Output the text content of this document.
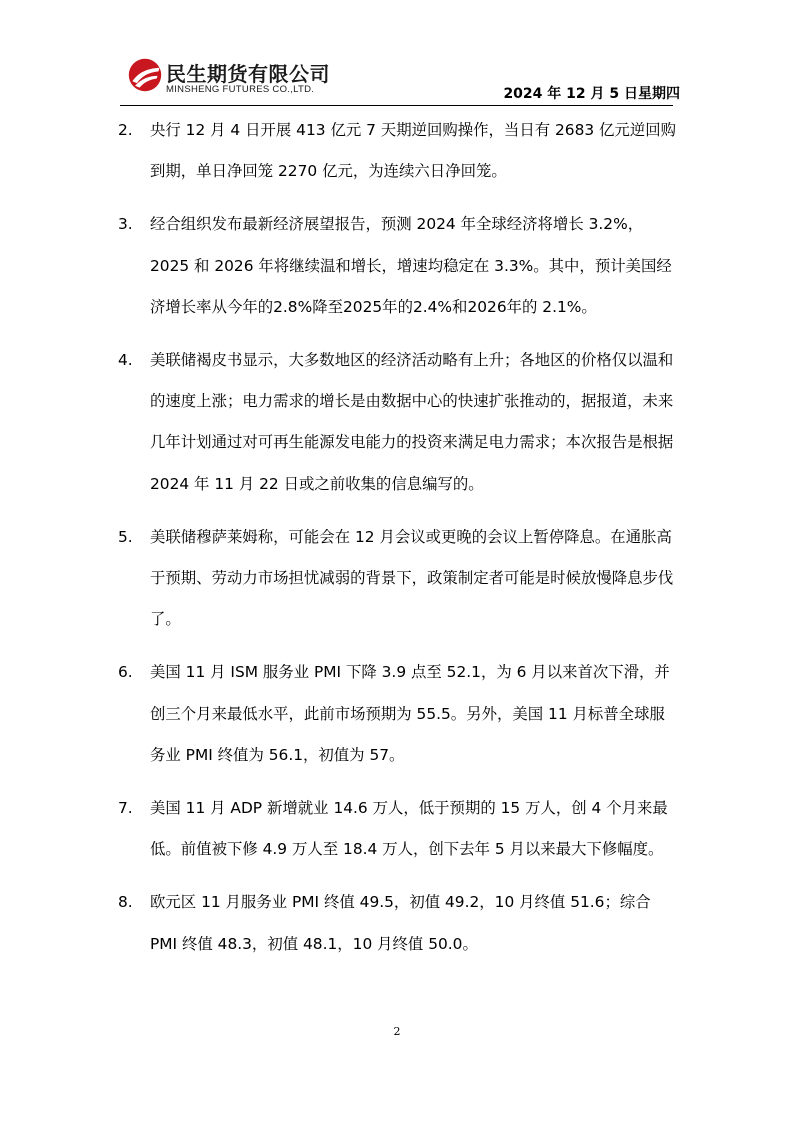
民生期货有限公司
MINSHENG FUTURES CO.,LTD.	2024 年 12 月 5 日星期四
2. 央行 12 月 4 日开展 413 亿元 7 天期逆回购操作，当日有 2683 亿元逆回购到期，单日净回笼 2270 亿元，为连续六日净回笼。
3. 经合组织发布最新经济展望报告，预测 2024 年全球经济将增长 3.2%，2025 和 2026 年将继续温和增长，增速均稳定在 3.3%。其中，预计美国经济增长率从今年的2.8%降至2025年的2.4%和2026年的 2.1%。
4. 美联储褐皮书显示，大多数地区的经济活动略有上升；各地区的价格仅以温和的速度上涨；电力需求的增长是由数据中心的快速扩张推动的，据报道，未来几年计划通过对可再生能源发电能力的投资来满足电力需求；本次报告是根据 2024 年 11 月 22 日或之前收集的信息编写的。
5. 美联储穆萨莱姆称，可能会在 12 月会议或更晚的会议上暂停降息。在通胀高于预期、劳动力市场担忧减弱的背景下，政策制定者可能是时候放慢降息步伐了。
6. 美国 11 月 ISM 服务业 PMI 下降 3.9 点至 52.1，为 6 月以来首次下滑，并创三个月来最低水平，此前市场预期为 55.5。另外，美国 11 月标普全球服务业 PMI 终值为 56.1，初值为 57。
7. 美国 11 月 ADP 新增就业 14.6 万人，低于预期的 15 万人，创 4 个月来最低。前值被下修 4.9 万人至 18.4 万人，创下去年 5 月以来最大下修幅度。
8. 欧元区 11 月服务业 PMI 终值 49.5，初值 49.2，10 月终值 51.6；综合 PMI 终值 48.3，初值 48.1，10 月终值 50.0。
2
